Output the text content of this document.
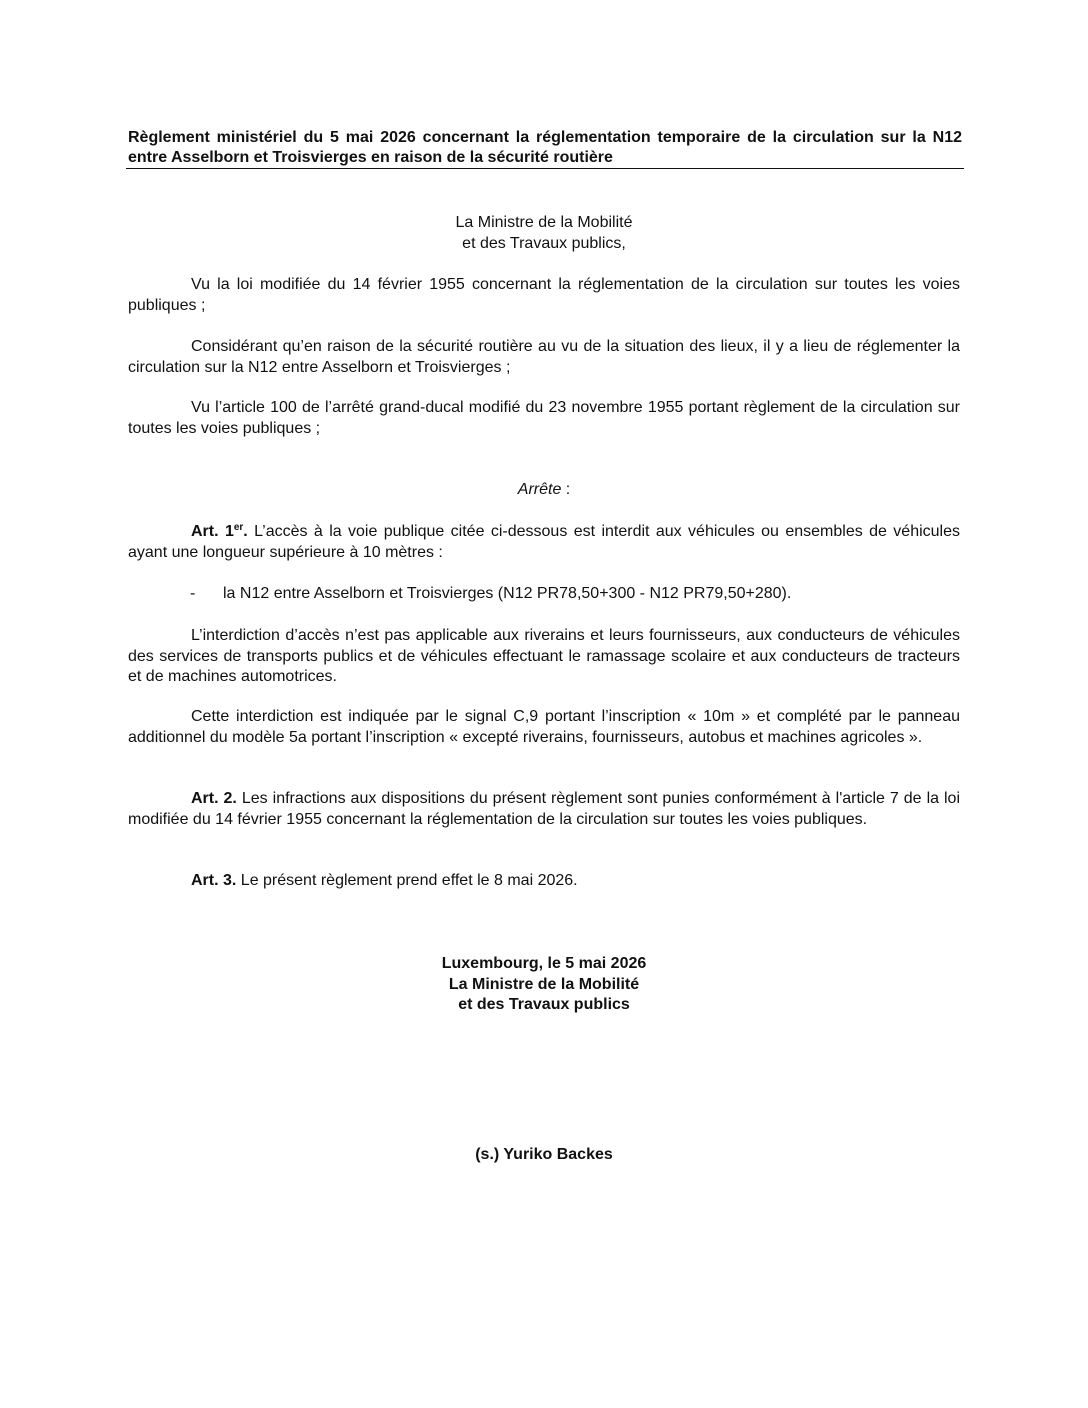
Règlement ministériel du 5 mai 2026 concernant la réglementation temporaire de la circulation sur la N12 entre Asselborn et Troisvierges en raison de la sécurité routière
La Ministre de la Mobilité
et des Travaux publics,
Vu la loi modifiée du 14 février 1955 concernant la réglementation de la circulation sur toutes les voies publiques ;
Considérant qu’en raison de la sécurité routière au vu de la situation des lieux, il y a lieu de réglementer la circulation sur la N12 entre Asselborn et Troisvierges ;
Vu l’article 100 de l’arrêté grand-ducal modifié du 23 novembre 1955 portant règlement de la circulation sur toutes les voies publiques ;
Arrête :
Art. 1er. L’accès à la voie publique citée ci-dessous est interdit aux véhicules ou ensembles de véhicules ayant une longueur supérieure à 10 mètres :
- la N12 entre Asselborn et Troisvierges (N12 PR78,50+300 - N12 PR79,50+280).
L’interdiction d’accès n’est pas applicable aux riverains et leurs fournisseurs, aux conducteurs de véhicules des services de transports publics et de véhicules effectuant le ramassage scolaire et aux conducteurs de tracteurs et de machines automotrices.
Cette interdiction est indiquée par le signal C,9 portant l’inscription « 10m » et complété par le panneau additionnel du modèle 5a portant l’inscription « excepté riverains, fournisseurs, autobus et machines agricoles ».
Art. 2. Les infractions aux dispositions du présent règlement sont punies conformément à l'article 7 de la loi modifiée du 14 février 1955 concernant la réglementation de la circulation sur toutes les voies publiques.
Art. 3. Le présent règlement prend effet le 8 mai 2026.
Luxembourg, le 5 mai 2026
La Ministre de la Mobilité
et des Travaux publics
(s.) Yuriko Backes
